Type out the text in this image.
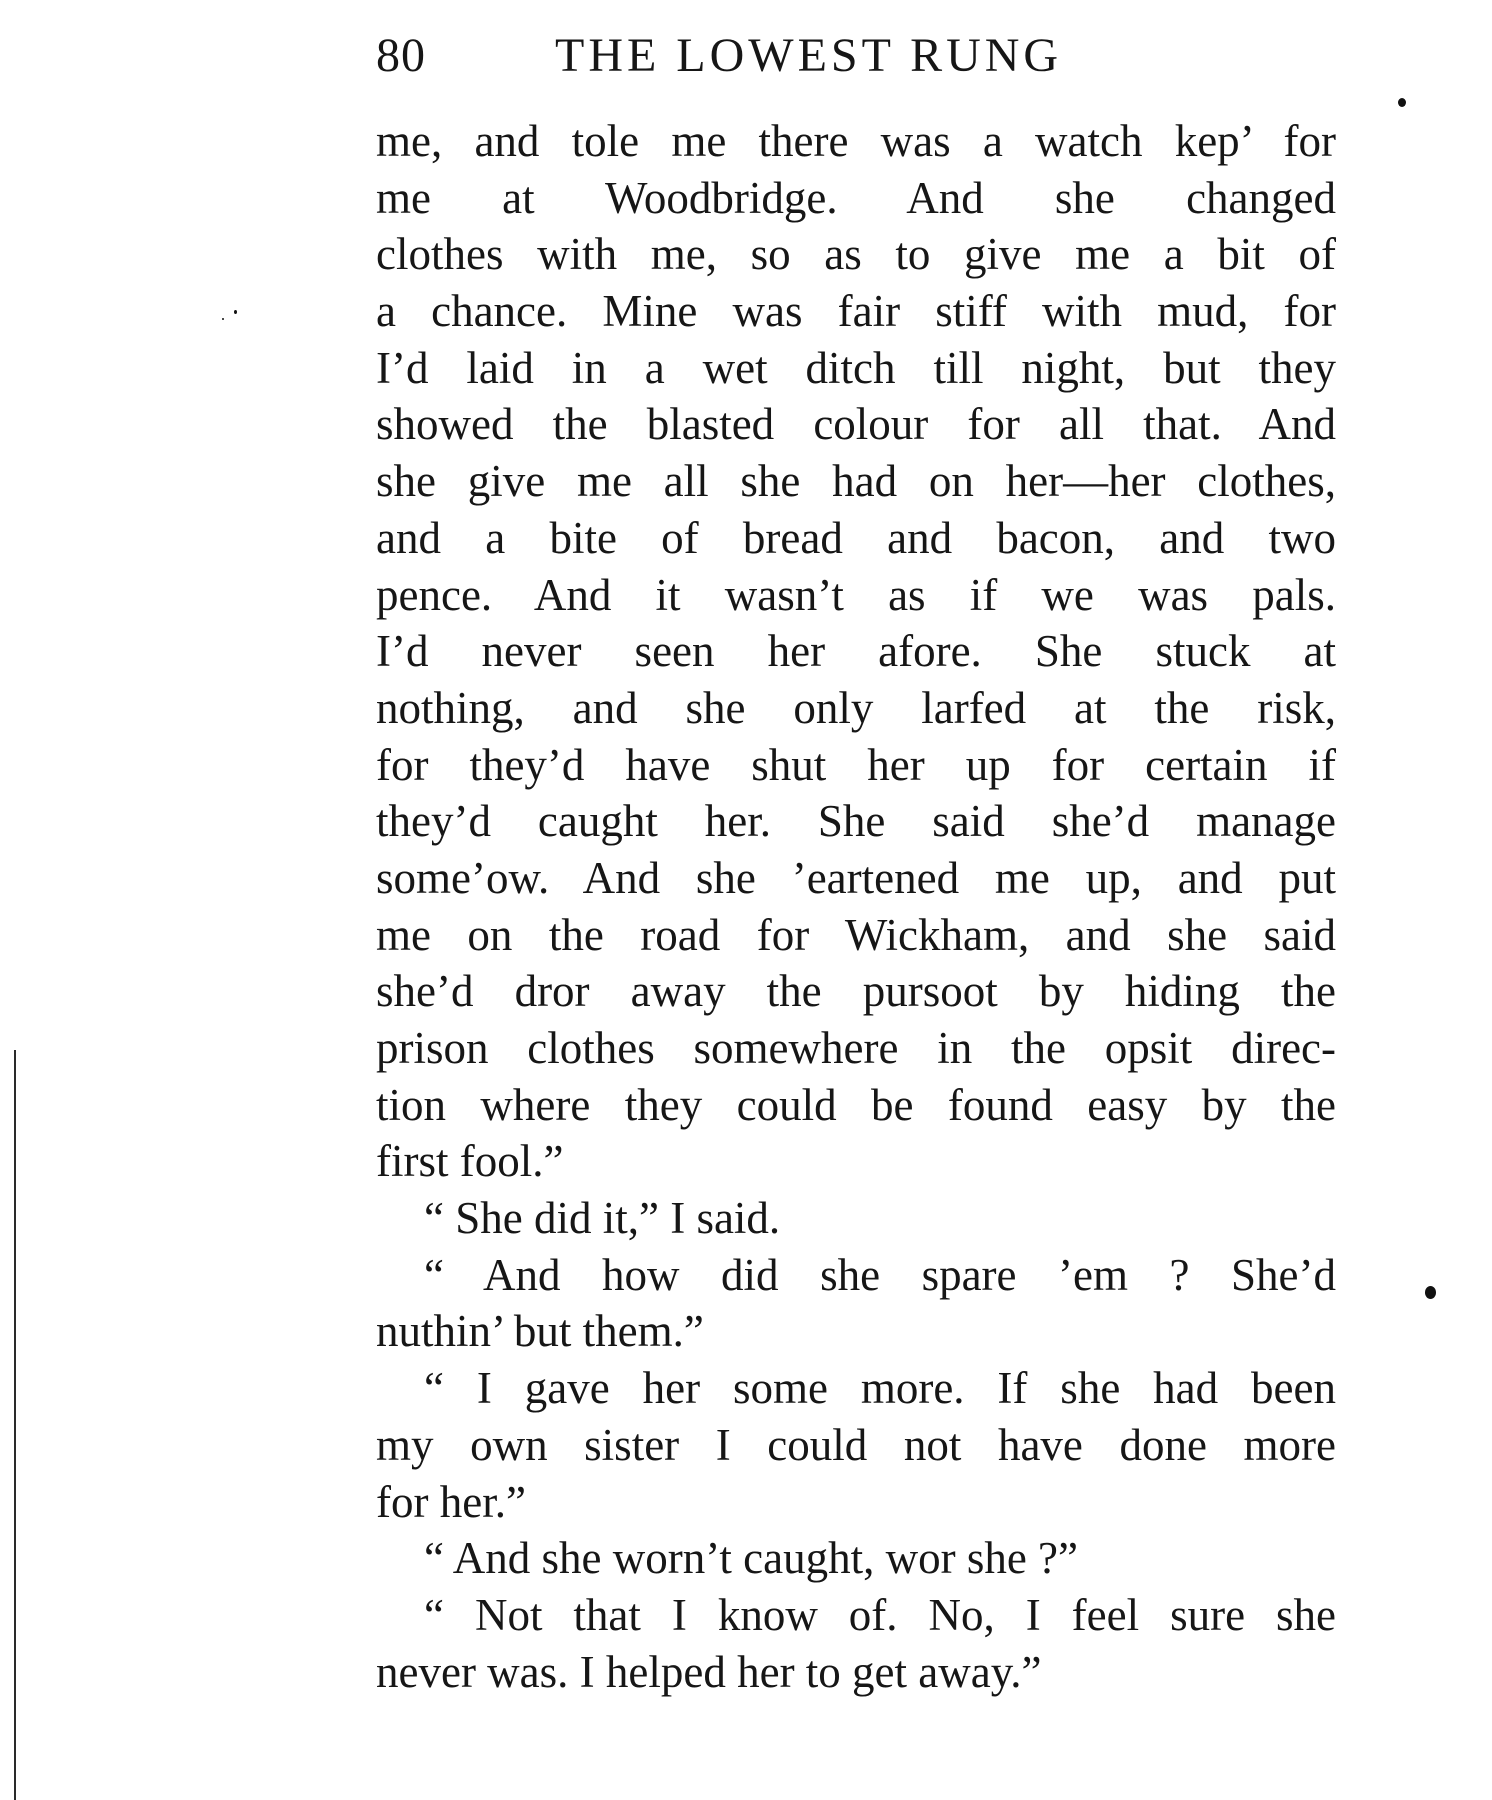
80	THE LOWEST RUNG
me, and tole me there was a watch kep’ for
me at Woodbridge. And she changed
clothes with me, so as to give me a bit of
a chance. Mine was fair stiff with mud, for
I’d laid in a wet ditch till night, but they
showed the blasted colour for all that. And
she give me all she had on her—her clothes,
and a bite of bread and bacon, and two
pence. And it wasn’t as if we was pals.
I’d never seen her afore. She stuck at
nothing, and she only larfed at the risk,
for they’d have shut her up for certain if
they’d caught her. She said she’d manage
some’ow. And she ’eartened me up, and put
me on the road for Wickham, and she said
she’d dror away the pursoot by hiding the
prison clothes somewhere in the opsit direc-
tion where they could be found easy by the
first fool.”
“ She did it,” I said.
“ And how did she spare ’em ? She’d
nuthin’ but them.”
“ I gave her some more. If she had been
my own sister I could not have done more
for her.”
“ And she worn’t caught, wor she ?”
“ Not that I know of. No, I feel sure she
never was. I helped her to get away.”
